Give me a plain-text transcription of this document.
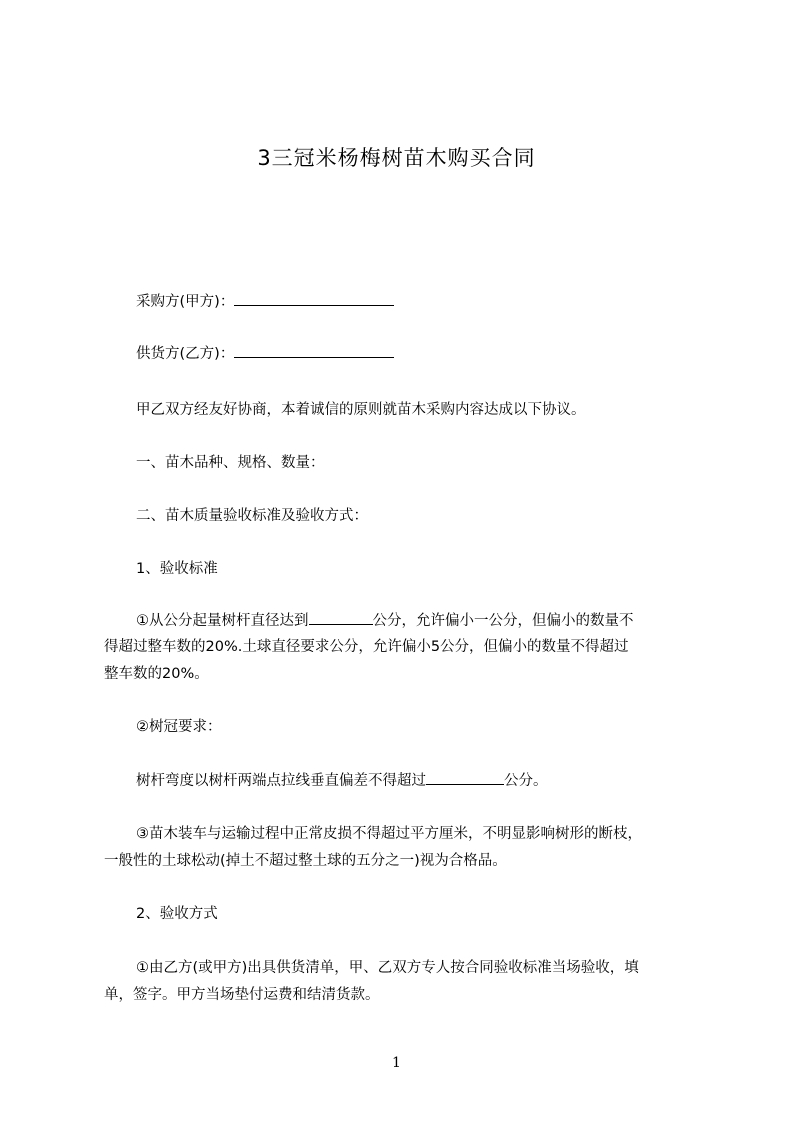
3三冠米杨梅树苗木购买合同
采购方(甲方)：
供货方(乙方)：
甲乙双方经友好协商，本着诚信的原则就苗木采购内容达成以下协议。
一、苗木品种、规格、数量：
二、苗木质量验收标准及验收方式：
1、验收标准
①从公分起量树杆直径达到	公分，允许偏小一公分，但偏小的数量不
得超过整车数的20%.土球直径要求公分，允许偏小5公分，但偏小的数量不得超过
整车数的20%。
②树冠要求：
树杆弯度以树杆两端点拉线垂直偏差不得超过	公分。
③苗木装车与运输过程中正常皮损不得超过平方厘米，不明显影响树形的断枝，
一般性的土球松动(掉土不超过整土球的五分之一)视为合格品。
2、验收方式
①由乙方(或甲方)出具供货清单，甲、乙双方专人按合同验收标准当场验收，填
单，签字。甲方当场垫付运费和结清货款。
1
